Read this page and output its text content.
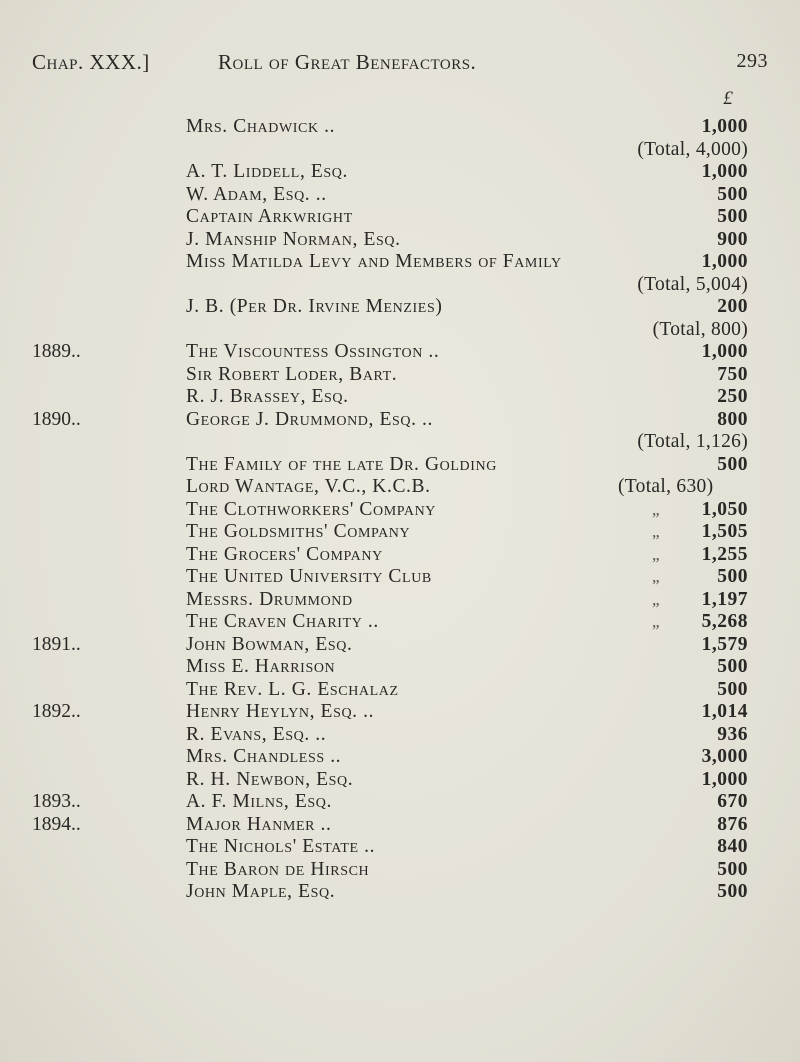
Chap. XXX.]	Roll of Great Benefactors.	293
£
Mrs. Chadwick ..	1,000
(Total, 4,000)
A. T. Liddell, Esq.	1,000
W. Adam, Esq. ..	500
Captain Arkwright	500
J. Manship Norman, Esq.	900
Miss Matilda Levy and Members of Family	1,000
(Total, 5,004)
J. B. (Per Dr. Irvine Menzies)	200
(Total, 800)
1889..	The Viscountess Ossington ..	1,000
Sir Robert Loder, Bart.	750
R. J. Brassey, Esq.	250
1890..	George J. Drummond, Esq. ..	800
(Total, 1,126)
The Family of the late Dr. Golding	500
Lord Wantage, V.C., K.C.B.	(Total, 630)
The Clothworkers' Company	„ 1,050
The Goldsmiths' Company	„ 1,505
The Grocers' Company	„ 1,255
The United University Club	„	500
Messrs. Drummond	„ 1,197
The Craven Charity ..	„ 5,268
1891..	John Bowman, Esq.	1,579
Miss E. Harrison	500
The Rev. L. G. Eschalaz	500
1892..	Henry Heylyn, Esq. ..	1,014
R. Evans, Esq. ..	936
Mrs. Chandless ..	3,000
R. H. Newbon, Esq.	1,000
1893..	A. F. Milns, Esq.	670
1894..	Major Hanmer ..	876
The Nichols' Estate ..	840
The Baron de Hirsch	500
John Maple, Esq.	500
